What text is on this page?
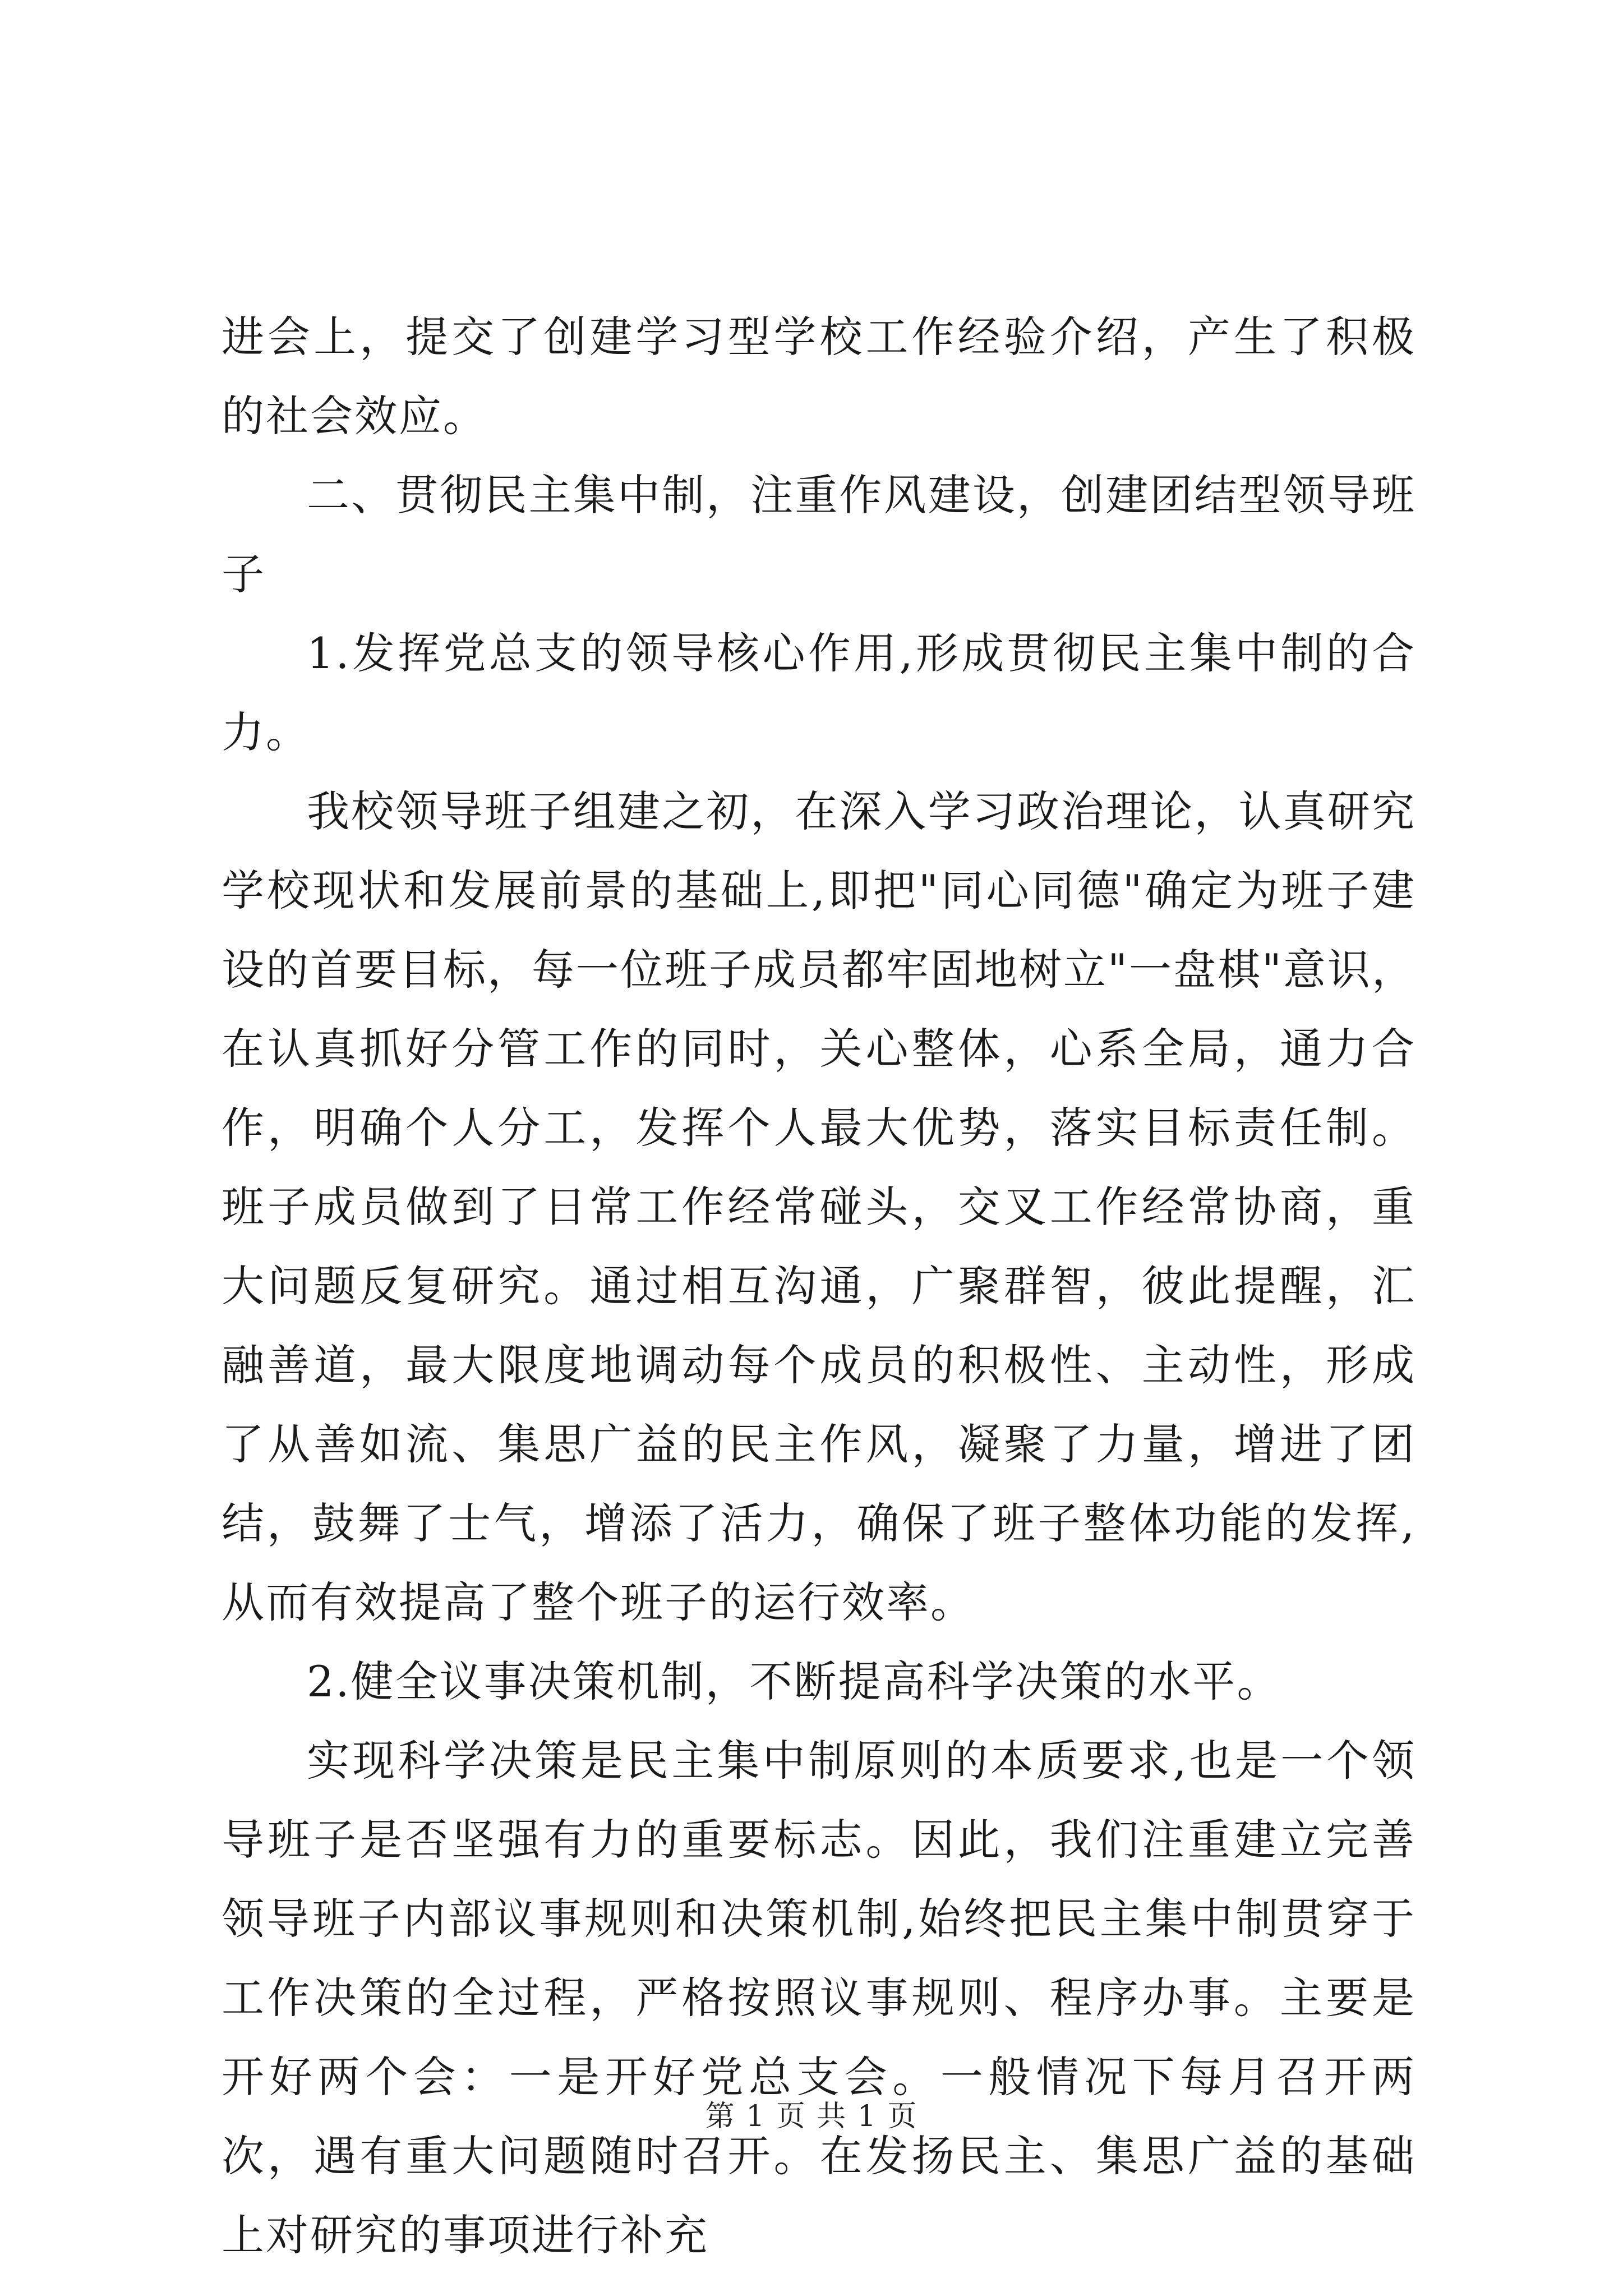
进会上，提交了创建学习型学校工作经验介绍，产生了积极的社会效应。

二、贯彻民主集中制，注重作风建设，创建团结型领导班子

1.发挥党总支的领导核心作用,形成贯彻民主集中制的合力。

我校领导班子组建之初，在深入学习政治理论，认真研究学校现状和发展前景的基础上,即把"同心同德"确定为班子建设的首要目标，每一位班子成员都牢固地树立"一盘棋"意识，在认真抓好分管工作的同时，关心整体，心系全局，通力合作，明确个人分工，发挥个人最大优势，落实目标责任制。班子成员做到了日常工作经常碰头，交叉工作经常协商，重大问题反复研究。通过相互沟通，广聚群智，彼此提醒，汇融善道，最大限度地调动每个成员的积极性、主动性，形成了从善如流、集思广益的民主作风，凝聚了力量，增进了团结，鼓舞了士气，增添了活力，确保了班子整体功能的发挥,从而有效提高了整个班子的运行效率。

2.健全议事决策机制，不断提高科学决策的水平。

实现科学决策是民主集中制原则的本质要求,也是一个领导班子是否坚强有力的重要标志。因此，我们注重建立完善领导班子内部议事规则和决策机制,始终把民主集中制贯穿于工作决策的全过程，严格按照议事规则、程序办事。主要是开好两个会：一是开好党总支会。一般情况下每月召开两次，遇有重大问题随时召开。在发扬民主、集思广益的基础上对研究的事项进行补充

第 1 页 共 1 页
